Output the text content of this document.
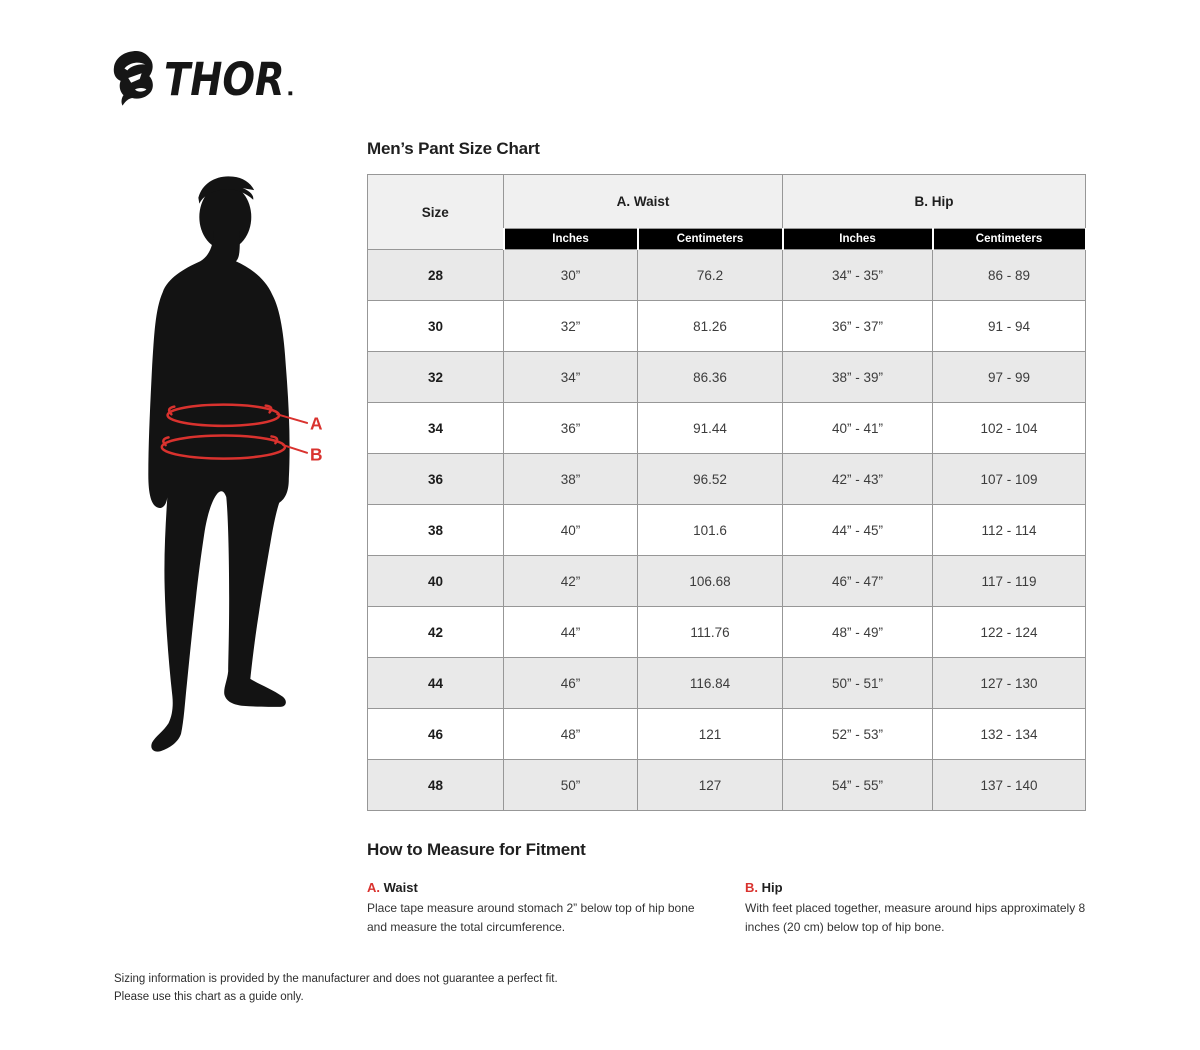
THOR
Men’s Pant Size Chart
Size	A. Waist		B. Hip	
	Inches	Centimeters	Inches	Centimeters
28	30”	76.2	34” - 35”	86 - 89
30	32”	81.26	36” - 37”	91 - 94
32	34”	86.36	38” - 39”	97 - 99
34	36”	91.44	40” - 41”	102 - 104
36	38”	96.52	42” - 43”	107 - 109
38	40”	101.6	44” - 45”	112 - 114
40	42”	106.68	46” - 47”	117 - 119
42	44”	111.76	48” - 49”	122 - 124
44	46”	116.84	50” - 51”	127 - 130
46	48”	121	52” - 53”	132 - 134
48	50”	127	54” - 55”	137 - 140
A
B
How to Measure for Fitment
A. Waist
Place tape measure around stomach 2” below top of hip bone and measure the total circumference.
B. Hip
With feet placed together, measure around hips approximately 8 inches (20 cm) below top of hip bone.
Sizing information is provided by the manufacturer and does not guarantee a perfect fit.
Please use this chart as a guide only.
